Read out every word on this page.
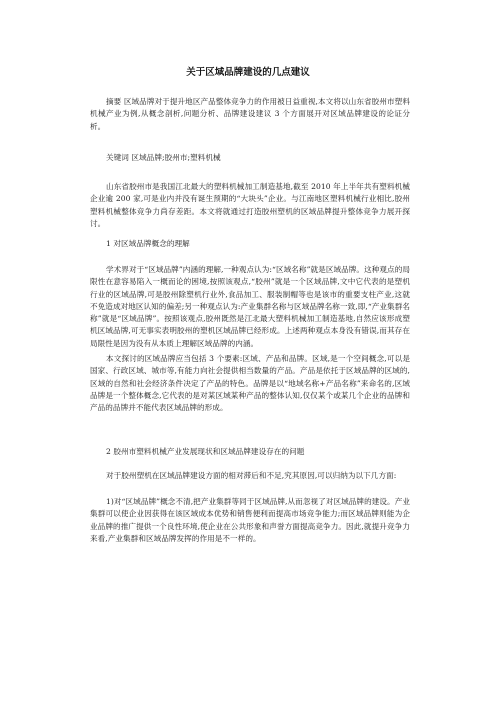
关于区域品牌建设的几点建议
摘要 区域品牌对于提升地区产品整体竞争力的作用被日益重视,本文将以山东省胶州市塑料机械产业为例,从概念剖析,问题分析、品牌建设建议 3 个方面展开对区域品牌建设的论证分析。
关键词 区域品牌;胶州市;塑料机械
山东省胶州市是我国江北最大的塑料机械加工制造基地,截至 2010 年上半年共有塑料机械企业逾 200 家,可是业内并没有诞生预期的“大块头”企业。与江南地区塑料机械行业相比,胶州塑料机械整体竞争力尚存差距。本文将就通过打造胶州塑机的区域品牌提升整体竞争力展开探讨。
1 对区域品牌概念的理解
学术界对于“区域品牌”内涵的理解,一种观点认为:“区域名称”就是区域品牌。这种观点的局限性在意容易陷入一概而论的困境,按照该观点,“胶州”就是一个区域品牌,文中它代表的是塑机行业的区域品牌,可是胶州除塑机行业外,食品加工、服装制帽等也是该市的重要支柱产业,这就不免造成对地区认知的偏差;另一种观点认为:产业集群名称与区域品牌名称一致,即,“产业集群名称”就是“区域品牌”。按照该观点,胶州既然是江北最大塑料机械加工制造基地,自然应该形成塑机区域品牌,可无事实表明胶州的塑机区域品牌已经形成。上述两种观点本身没有错误,而其存在局限性是因为没有从本质上理解区域品牌的内涵。
本文探讨的区域品牌应当包括 3 个要素:区域、产品和品牌。区域,是一个空间概念,可以是国家、行政区域、城市等,有能力向社会提供相当数量的产品。产品是依托于区域品牌的区域的,区域的自然和社会经济条件决定了产品的特色。品牌是以“地域名称+产品名称”来命名的,区域品牌是一个整体概念,它代表的是对某区域某种产品的整体认知,仅仅某个或某几个企业的品牌和产品的品牌并不能代表区域品牌的形成。
2 胶州市塑料机械产业发展现状和区域品牌建设存在的问题
对于胶州塑机在区域品牌建设方面的相对滞后和不足,究其原因,可以归纳为以下几方面:
1)对“区域品牌”概念不清,把产业集群等同于区域品牌,从而忽视了对区域品牌的建设。产业集群可以使企业因获得在该区域成本优势和销售便利而提高市场竞争能力;而区域品牌则能为企业品牌的推广提供一个良性环境,使企业在公共形象和声誉方面提高竞争力。因此,就提升竞争力来看,产业集群和区域品牌发挥的作用是不一样的。
